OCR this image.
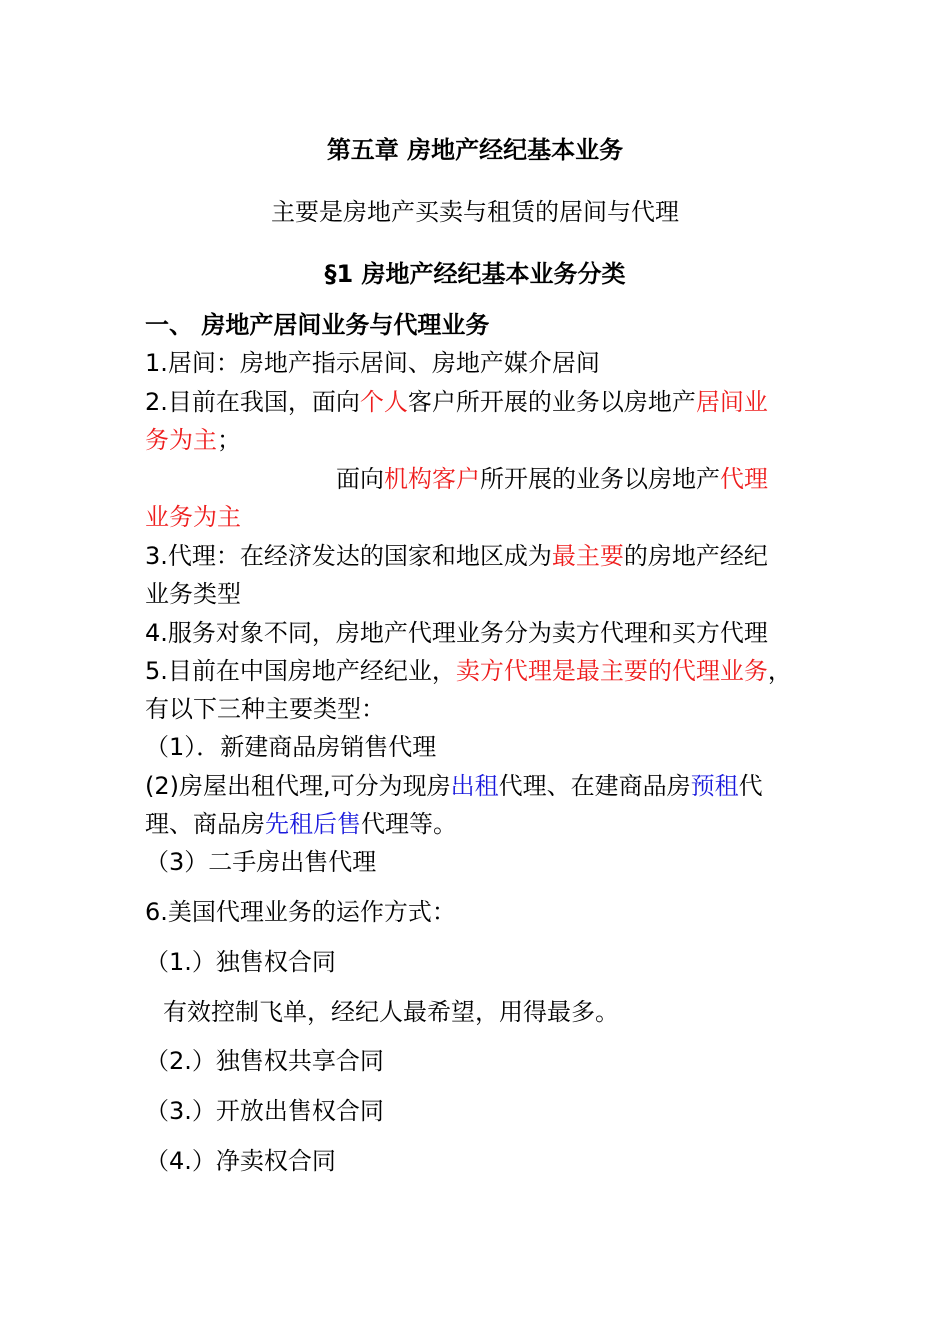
第五章 房地产经纪基本业务
主要是房地产买卖与租赁的居间与代理
§1 房地产经纪基本业务分类
一、 房地产居间业务与代理业务
1.居间：房地产指示居间、房地产媒介居间
2.目前在我国，面向个人客户所开展的业务以房地产居间业
务为主；
面向机构客户所开展的业务以房地产代理
业务为主
3.代理：在经济发达的国家和地区成为最主要的房地产经纪
业务类型
4.服务对象不同，房地产代理业务分为卖方代理和买方代理
5.目前在中国房地产经纪业，卖方代理是最主要的代理业务，
有以下三种主要类型：
（1）．新建商品房销售代理
(2)房屋出租代理,可分为现房出租代理、在建商品房预租代
理、商品房先租后售代理等。
（3）二手房出售代理
6.美国代理业务的运作方式：
（1.）独售权合同
有效控制飞单，经纪人最希望，用得最多。
（2.）独售权共享合同
（3.）开放出售权合同
（4.）净卖权合同
